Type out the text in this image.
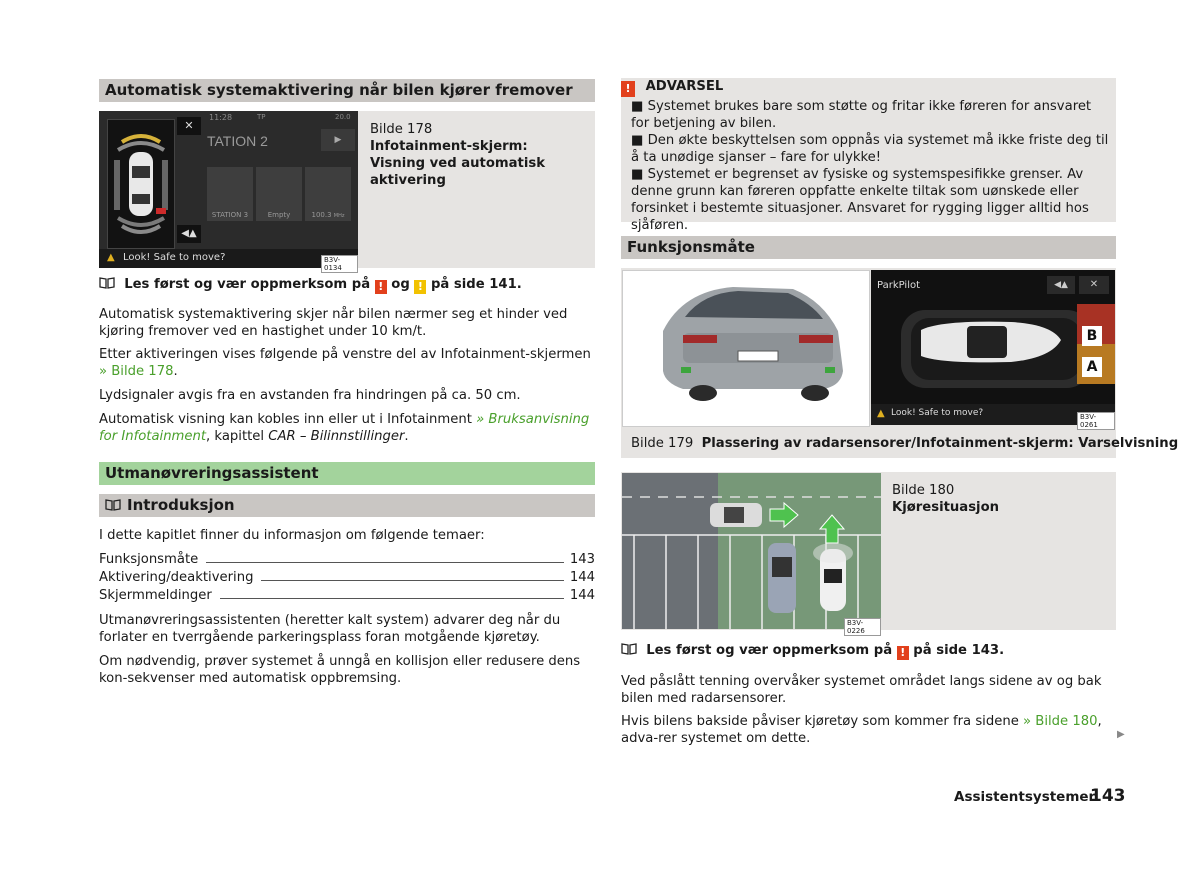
Automatisk systemaktivering når bilen kjører fremover
✕
◀▲
11:28	TP	20.0
TATION 2	▶
STATION 3	Empty	100.3 MHz
▲ Look! Safe to move?	B3V-0134
Bilde 178
Infotainment-skjerm: Visning ved automatisk aktivering
Les først og vær oppmerksom på ! og ! på side 141.

Automatisk systemaktivering skjer når bilen nærmer seg et hinder ved kjøring fremover ved en hastighet under 10 km/t.

Etter aktiveringen vises følgende på venstre del av Infotainment-skjermen
» Bilde 178.

Lydsignaler avgis fra en avstanden fra hindringen på ca. 50 cm.

Automatisk visning kan kobles inn eller ut i Infotainment » Bruksanvisning for Infotainment, kapittel CAR – Bilinnstillinger.

Utmanøvreringsassistent
Introduksjon

I dette kapitlet finner du informasjon om følgende temaer:

Funksjonsmåte	143
Aktivering/deaktivering	144
Skjermmeldinger	144

Utmanøvreringsassistenten (heretter kalt system) advarer deg når du forlater en tverrgående parkeringsplass foran motgående kjøretøy.

Om nødvendig, prøver systemet å unngå en kollisjon eller redusere dens kon-sekvenser med automatisk oppbremsing.

! ADVARSEL

■ Systemet brukes bare som støtte og fritar ikke føreren for ansvaret for betjening av bilen.

■ Den økte beskyttelsen som oppnås via systemet må ikke friste deg til å ta unødige sjanser – fare for ulykke!

■ Systemet er begrenset av fysiske og systemspesifikke grenser. Av denne grunn kan føreren oppfatte enkelte tiltak som uønskede eller forsinket i bestemte situasjoner. Ansvaret for rygging ligger alltid hos sjåføren.

Funksjonsmåte
ParkPilot	◀▲	✕
B
A
▲ Look! Safe to move?	B3V-0261
Bilde 179 Plassering av radarsensorer/Infotainment-skjerm: Varselvisning
B3V-0226
Bilde 180
Kjøresituasjon
Les først og vær oppmerksom på ! på side 143.

Ved påslått tenning overvåker systemet området langs sidene av og bak bilen med radarsensorer.

Hvis bilens bakside påviser kjøretøy som kommer fra sidene » Bilde 180, adva-rer systemet om dette.	▶
Assistentsystemer
143
